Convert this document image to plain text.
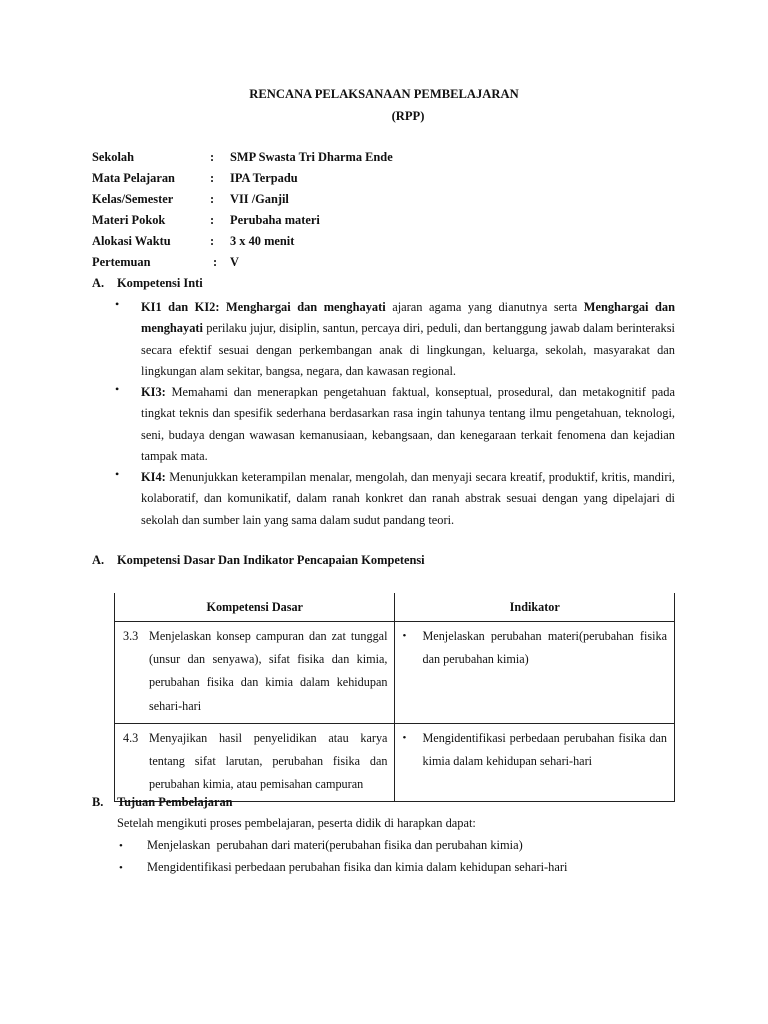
RENCANA PELAKSANAAN PEMBELAJARAN
(RPP)
Sekolah	: SMP Swasta Tri Dharma Ende
Mata Pelajaran	: IPA Terpadu
Kelas/Semester	: VII /Ganjil
Materi Pokok	: Perubaha materi
Alokasi Waktu	: 3 x 40 menit
Pertemuan	: V
A. Kompetensi Inti
• KI1 dan KI2: Menghargai dan menghayati ajaran agama yang dianutnya serta Menghargai dan menghayati perilaku jujur, disiplin, santun, percaya diri, peduli, dan bertanggung jawab dalam berinteraksi secara efektif sesuai dengan perkembangan anak di lingkungan, keluarga, sekolah, masyarakat dan lingkungan alam sekitar, bangsa, negara, dan kawasan regional.
• KI3: Memahami dan menerapkan pengetahuan faktual, konseptual, prosedural, dan metakognitif pada tingkat teknis dan spesifik sederhana berdasarkan rasa ingin tahunya tentang ilmu pengetahuan, teknologi, seni, budaya dengan wawasan kemanusiaan, kebangsaan, dan kenegaraan terkait fenomena dan kejadian tampak mata.
• KI4: Menunjukkan keterampilan menalar, mengolah, dan menyaji secara kreatif, produktif, kritis, mandiri, kolaboratif, dan komunikatif, dalam ranah konkret dan ranah abstrak sesuai dengan yang dipelajari di sekolah dan sumber lain yang sama dalam sudut pandang teori.
A. Kompetensi Dasar Dan Indikator Pencapaian Kompetensi
Kompetensi Dasar	Indikator

3.3 Menjelaskan konsep campuran dan zat tunggal (unsur dan senyawa), sifat fisika dan kimia, perubahan fisika dan kimia dalam kehidupan sehari-hari	• Menjelaskan perubahan materi(perubahan fisika dan perubahan kimia)

4.3 Menyajikan hasil penyelidikan atau karya tentang sifat larutan, perubahan fisika dan perubahan kimia, atau pemisahan campuran	• Mengidentifikasi perbedaan perubahan fisika dan kimia dalam kehidupan sehari-hari
B. Tujuan Pembelajaran
Setelah mengikuti proses pembelajaran, peserta didik di harapkan dapat:
• Menjelaskan  perubahan dari materi(perubahan fisika dan perubahan kimia)
• Mengidentifikasi perbedaan perubahan fisika dan kimia dalam kehidupan sehari-hari
